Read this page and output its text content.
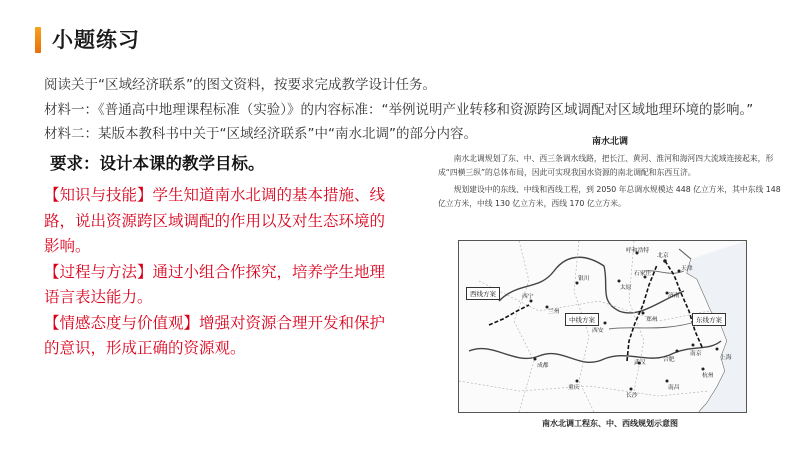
小题练习
阅读关于“区域经济联系”的图文资料，按要求完成教学设计任务。
材料一：《普通高中地理课程标准（实验）》的内容标准：“举例说明产业转移和资源跨区域调配对区域地理环境的影响。”
材料二：某版本教科书中关于“区域经济联系”中“南水北调”的部分内容。
要求：设计本课的教学目标。

【知识与技能】学生知道南水北调的基本措施、线路，说出资源跨区域调配的作用以及对生态环境的影响。

【过程与方法】通过小组合作探究，培养学生地理语言表达能力。

【情感态度与价值观】增强对资源合理开发和保护的意识，形成正确的资源观。

南水北调

南水北调规划了东、中、西三条调水线路，把长江、黄河、淮河和海河四大流域连接起来，形成“四横三纵”的总体布局，因此可实现我国水资源的南北调配和东西互济。

规划建设中的东线、中线和西线工程，到 2050 年总调水规模达 448 亿立方米，其中东线 148 亿立方米，中线 130 亿立方米，西线 170 亿立方米。

西线方案
中线方案	东线方案
呼和浩特
北京
天津
银川
太原
石家庄
济南
西宁
兰州
郑州
西安
南京
合肥	上海
成都	武汉
杭州
重庆
长沙
南昌
南水北调工程东、中、西线规划示意图
